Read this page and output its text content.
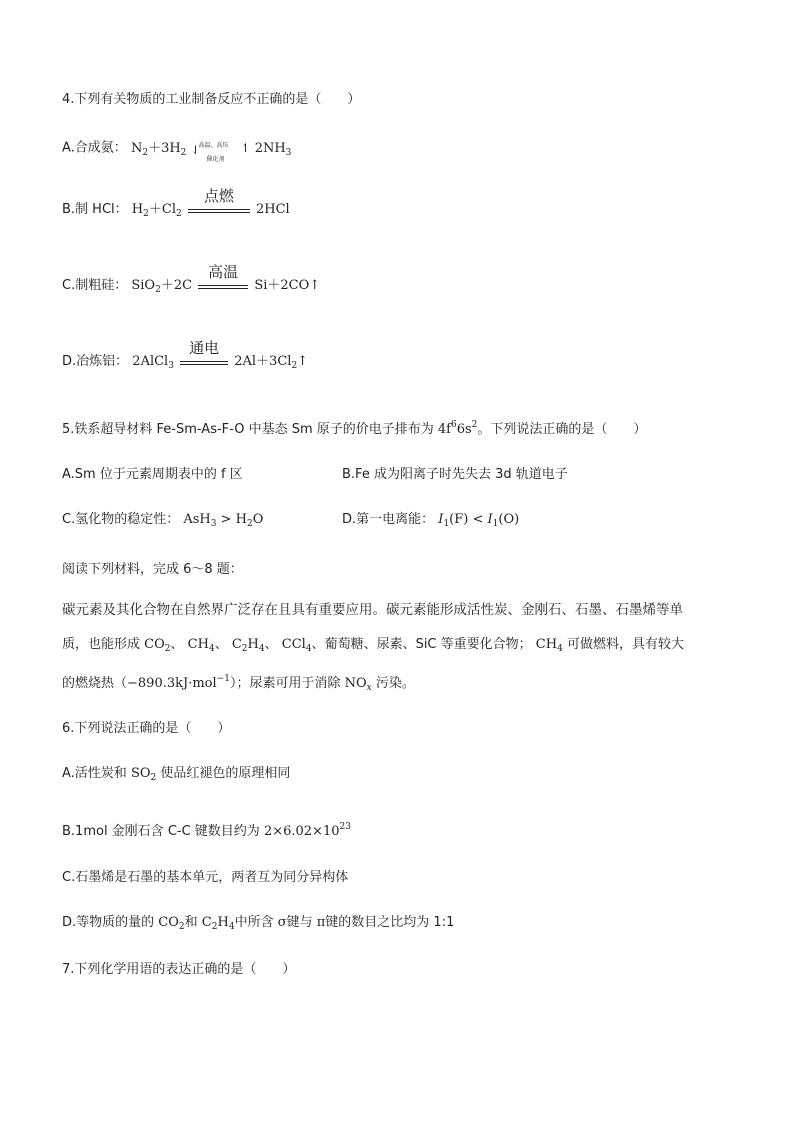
4.下列有关物质的工业制备反应不正确的是（　　）
A.合成氨： $N_2+3H_2$ ⇃
高温、高压
催化剂
↿ $2NH_3$
B.制 HCl： $H_2+Cl_2$
点燃
2HCl
C.制粗硅： SiO$_2$＋2C
高温
Si＋2CO↑
D.冶炼铝： 2AlCl$_3$
通电
$2Al+3Cl_2↑$
5.铁系超导材料 Fe-Sm-As-F-O 中基态 Sm 原子的价电子排布为 $4f^66s^2$。下列说法正确的是（　　）
A.Sm 位于元素周期表中的 f 区	B.Fe 成为阳离子时先失去 3d 轨道电子
C.氢化物的稳定性： $AsH_3 > H_2O$	D.第一电离能： $I_1(F) < I_1(O)$
阅读下列材料，完成 6～8 题：
碳元素及其化合物在自然界广泛存在且具有重要应用。碳元素能形成活性炭、金刚石、石墨、石墨烯等单
质，也能形成 $CO_2$、 $CH_4$、 $C_2H_4$、 CCl$_4$、葡萄糖、尿素、SiC 等重要化合物； $CH_4$ 可做燃料，具有较大
的燃烧热（−890.3kJ·mol$^{-1}$）；尿素可用于消除 $NO_x$ 污染。
6.下列说法正确的是（　　）
A.活性炭和 $SO_2$ 使品红褪色的原理相同
B.1mol 金刚石含 C-C 键数目约为 $2\times 6.02\times 10^{23}$
C.石墨烯是石墨的基本单元，两者互为同分异构体
D.等物质的量的 $CO_2$和 $C_2H_4$中所含 σ键与 π键的数目之比均为 1:1
7.下列化学用语的表达正确的是（　　）
